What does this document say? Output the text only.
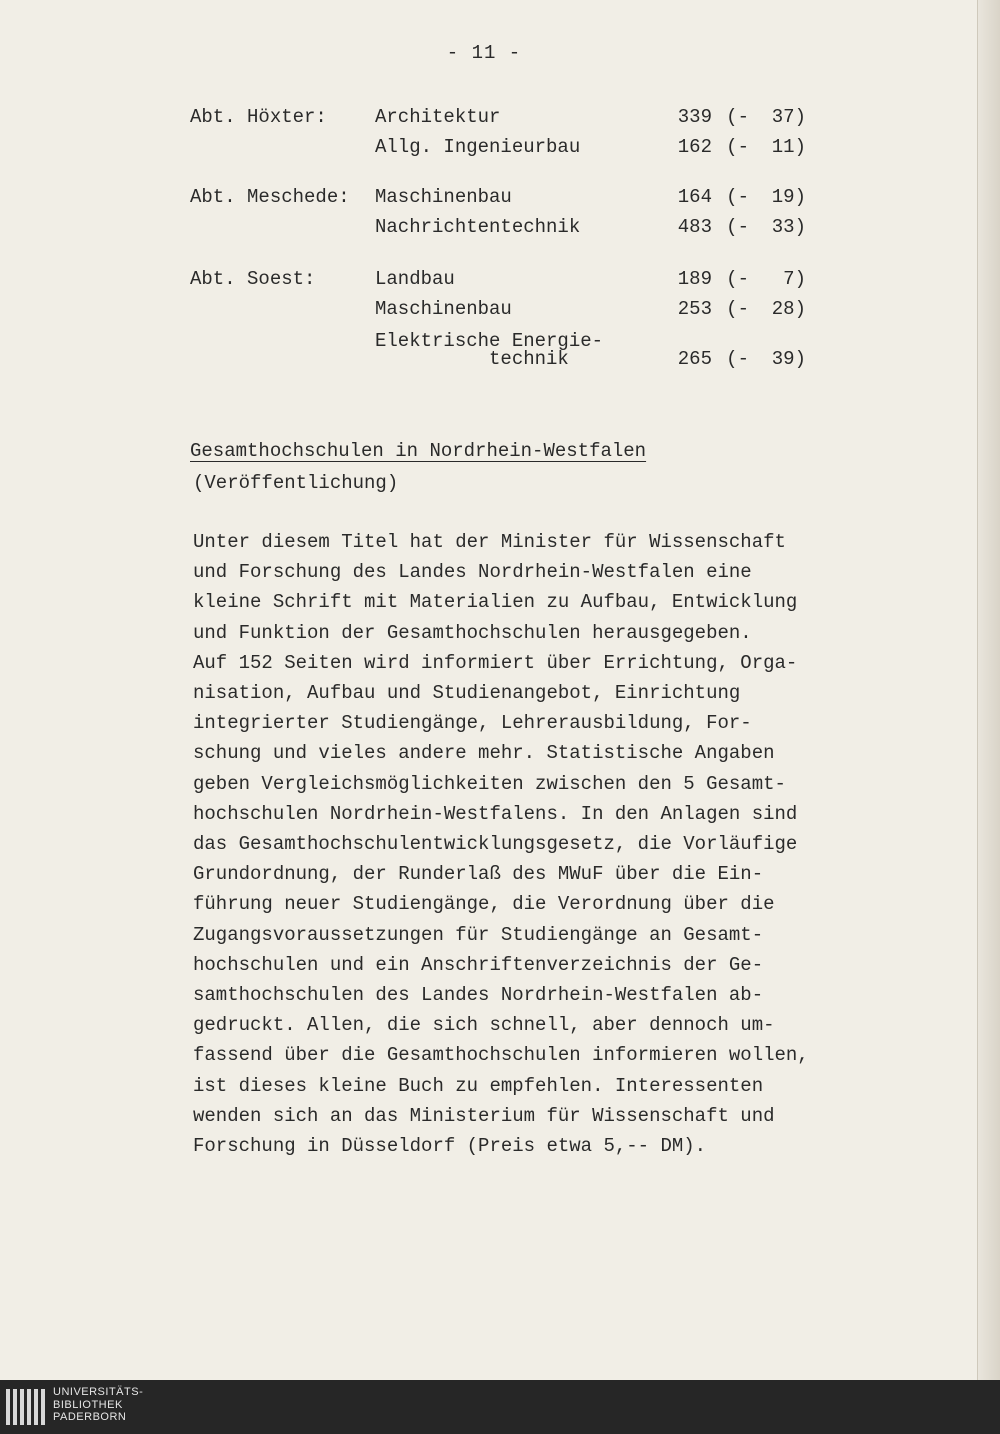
- 11 -
Abt. Höxter:	Architektur	339 (-  37)
Allg. Ingenieurbau	162 (-  11)
Abt. Meschede: Maschinenbau	164 (-  19)
Nachrichtentechnik	483 (-  33)
Abt. Soest:	Landbau	189 (-   7)
Maschinenbau	253 (-  28)
Elektrische Energie-
technik	265 (-  39)
Gesamthochschulen in Nordrhein-Westfalen
(Veröffentlichung)

Unter diesem Titel hat der Minister für Wissenschaft
und Forschung des Landes Nordrhein-Westfalen eine
kleine Schrift mit Materialien zu Aufbau, Entwicklung
und Funktion der Gesamthochschulen herausgegeben.
Auf 152 Seiten wird informiert über Errichtung, Orga-
nisation, Aufbau und Studienangebot, Einrichtung
integrierter Studiengänge, Lehrerausbildung, For-
schung und vieles andere mehr. Statistische Angaben
geben Vergleichsmöglichkeiten zwischen den 5 Gesamt-
hochschulen Nordrhein-Westfalens. In den Anlagen sind
das Gesamthochschulentwicklungsgesetz, die Vorläufige
Grundordnung, der Runderlaß des MWuF über die Ein-
führung neuer Studiengänge, die Verordnung über die
Zugangsvoraussetzungen für Studiengänge an Gesamt-
hochschulen und ein Anschriftenverzeichnis der Ge-
samthochschulen des Landes Nordrhein-Westfalen ab-
gedruckt. Allen, die sich schnell, aber dennoch um-
fassend über die Gesamthochschulen informieren wollen,
ist dieses kleine Buch zu empfehlen. Interessenten
wenden sich an das Ministerium für Wissenschaft und
Forschung in Düsseldorf (Preis etwa 5,-- DM).

UNIVERSITÄTS-
BIBLIOTHEK
PADERBORN
